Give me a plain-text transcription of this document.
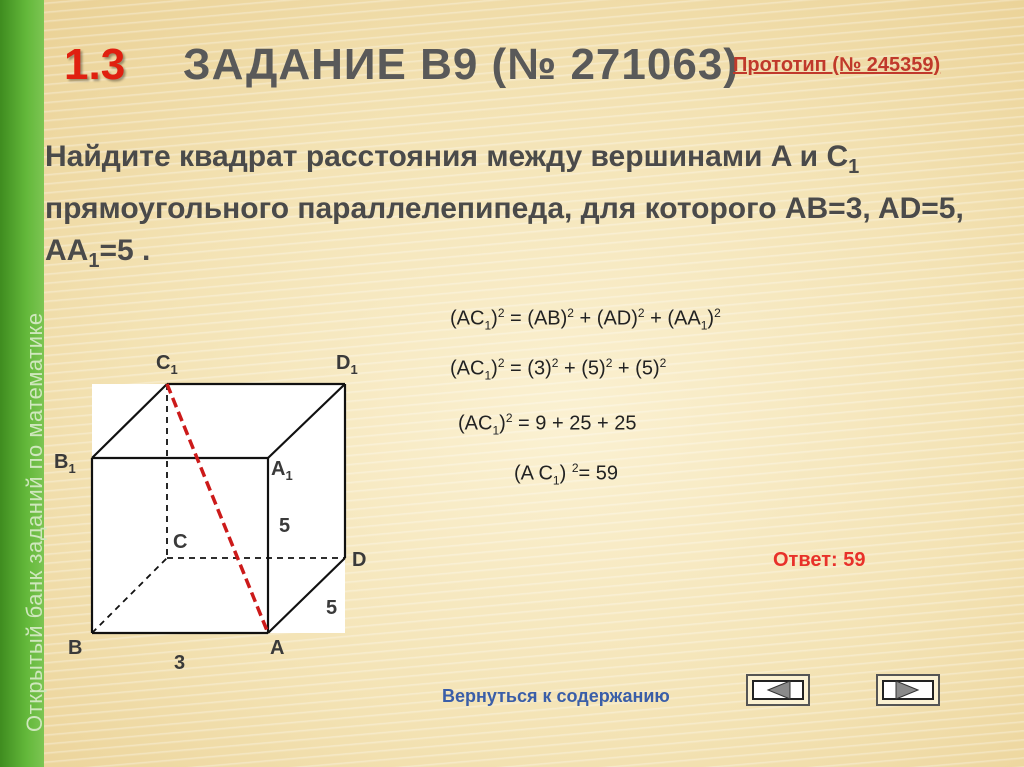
Открытый банк заданий по математике
1.3 ЗАДАНИЕ В9 (№ 271063)
Прототип (№ 245359)
Найдите квадрат расстояния между вершинами A и $C_1$
прямоугольного параллелепипеда, для которого AB=3, AD=5,
$AA_1=5$ .
$C_1$	$D_1$
$B_1$	$A_1$
C
D
B	A
5
5
3
$(AC_1)^2 = (AB)^2 + (AD)^2 + (AA_1)^2$
$(AC_1)^2 = (3)^2 + (5)^2 + (5)^2$
$(AC_1)^2 = 9 + 25 + 25$
(A $C_1$) $^2$= 59
Ответ: 59
Вернуться к содержанию
